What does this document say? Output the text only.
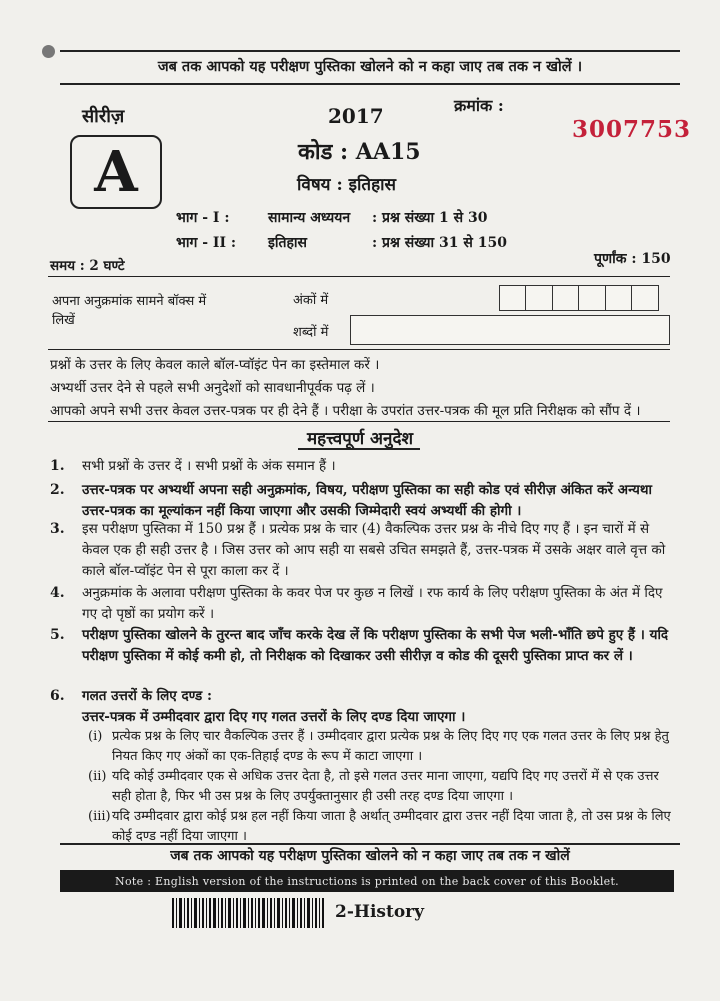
जब तक आपको यह परीक्षण पुस्तिका खोलने को न कहा जाए तब तक न खोलें ।
सीरीज़
A
2017
कोड : AA15
विषय : इतिहास
क्रमांक :
3007753
भाग - I :	सामान्य अध्ययन : प्रश्न संख्या 1 से 30
भाग - II : इतिहास	: प्रश्न संख्या 31 से 150
समय : 2 घण्टे	पूर्णांक : 150
अपना अनुक्रमांक सामने बॉक्स में लिखें
अंकों में
शब्दों में
प्रश्नों के उत्तर के लिए केवल काले बॉल-प्वॉइंट पेन का इस्तेमाल करें ।
अभ्यर्थी उत्तर देने से पहले सभी अनुदेशों को सावधानीपूर्वक पढ़ लें ।
आपको अपने सभी उत्तर केवल उत्तर-पत्रक पर ही देने हैं । परीक्षा के उपरांत उत्तर-पत्रक की मूल प्रति निरीक्षक को सौंप दें ।
महत्त्वपूर्ण अनुदेश
1. सभी प्रश्नों के उत्तर दें । सभी प्रश्नों के अंक समान हैं ।
2. उत्तर-पत्रक पर अभ्यर्थी अपना सही अनुक्रमांक, विषय, परीक्षण पुस्तिका का सही कोड एवं सीरीज़ अंकित करें अन्यथा उत्तर-पत्रक का मूल्यांकन नहीं किया जाएगा और उसकी जिम्मेदारी स्वयं अभ्यर्थी की होगी ।
3. इस परीक्षण पुस्तिका में 150 प्रश्न हैं । प्रत्येक प्रश्न के चार (4) वैकल्पिक उत्तर प्रश्न के नीचे दिए गए हैं । इन चारों में से केवल एक ही सही उत्तर है । जिस उत्तर को आप सही या सबसे उचित समझते हैं, उत्तर-पत्रक में उसके अक्षर वाले वृत्त को काले बॉल-प्वॉइंट पेन से पूरा काला कर दें ।
4. अनुक्रमांक के अलावा परीक्षण पुस्तिका के कवर पेज पर कुछ न लिखें । रफ कार्य के लिए परीक्षण पुस्तिका के अंत में दिए गए दो पृष्ठों का प्रयोग करें ।
5. परीक्षण पुस्तिका खोलने के तुरन्त बाद जाँच करके देख लें कि परीक्षण पुस्तिका के सभी पेज भली-भाँति छपे हुए हैं । यदि परीक्षण पुस्तिका में कोई कमी हो, तो निरीक्षक को दिखाकर उसी सीरीज़ व कोड की दूसरी पुस्तिका प्राप्त कर लें ।
6. गलत उत्तरों के लिए दण्ड :
उत्तर-पत्रक में उम्मीदवार द्वारा दिए गए गलत उत्तरों के लिए दण्ड दिया जाएगा ।
(i) प्रत्येक प्रश्न के लिए चार वैकल्पिक उत्तर हैं । उम्मीदवार द्वारा प्रत्येक प्रश्न के लिए दिए गए एक गलत उत्तर के लिए प्रश्न हेतु नियत किए गए अंकों का एक-तिहाई दण्ड के रूप में काटा जाएगा ।
(ii) यदि कोई उम्मीदवार एक से अधिक उत्तर देता है, तो इसे गलत उत्तर माना जाएगा, यद्यपि दिए गए उत्तरों में से एक उत्तर सही होता है, फिर भी उस प्रश्न के लिए उपर्युक्तानुसार ही उसी तरह दण्ड दिया जाएगा ।
(iii) यदि उम्मीदवार द्वारा कोई प्रश्न हल नहीं किया जाता है अर्थात् उम्मीदवार द्वारा उत्तर नहीं दिया जाता है, तो उस प्रश्न के लिए कोई दण्ड नहीं दिया जाएगा ।
जब तक आपको यह परीक्षण पुस्तिका खोलने को न कहा जाए तब तक न खोलें
Note : English version of the instructions is printed on the back cover of this Booklet.
2-History
